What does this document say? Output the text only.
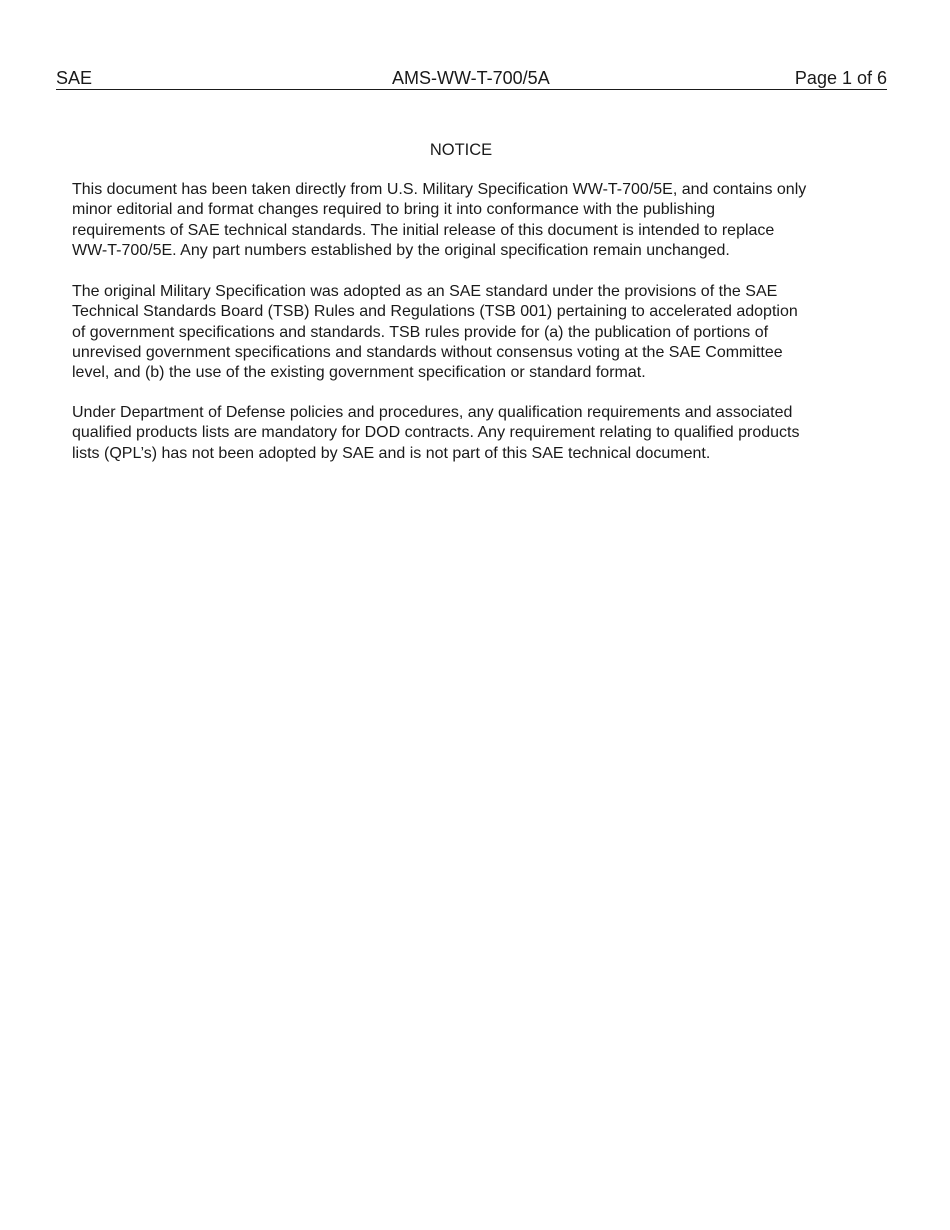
SAE	AMS-WW-T-700/5A	Page 1 of 6
NOTICE
This document has been taken directly from U.S. Military Specification WW-T-700/5E, and contains only
minor editorial and format changes required to bring it into conformance with the publishing
requirements of SAE technical standards. The initial release of this document is intended to replace
WW-T-700/5E. Any part numbers established by the original specification remain unchanged.
The original Military Specification was adopted as an SAE standard under the provisions of the SAE
Technical Standards Board (TSB) Rules and Regulations (TSB 001) pertaining to accelerated adoption
of government specifications and standards. TSB rules provide for (a) the publication of portions of
unrevised government specifications and standards without consensus voting at the SAE Committee
level, and (b) the use of the existing government specification or standard format.
Under Department of Defense policies and procedures, any qualification requirements and associated
qualified products lists are mandatory for DOD contracts. Any requirement relating to qualified products
lists (QPL’s) has not been adopted by SAE and is not part of this SAE technical document.
